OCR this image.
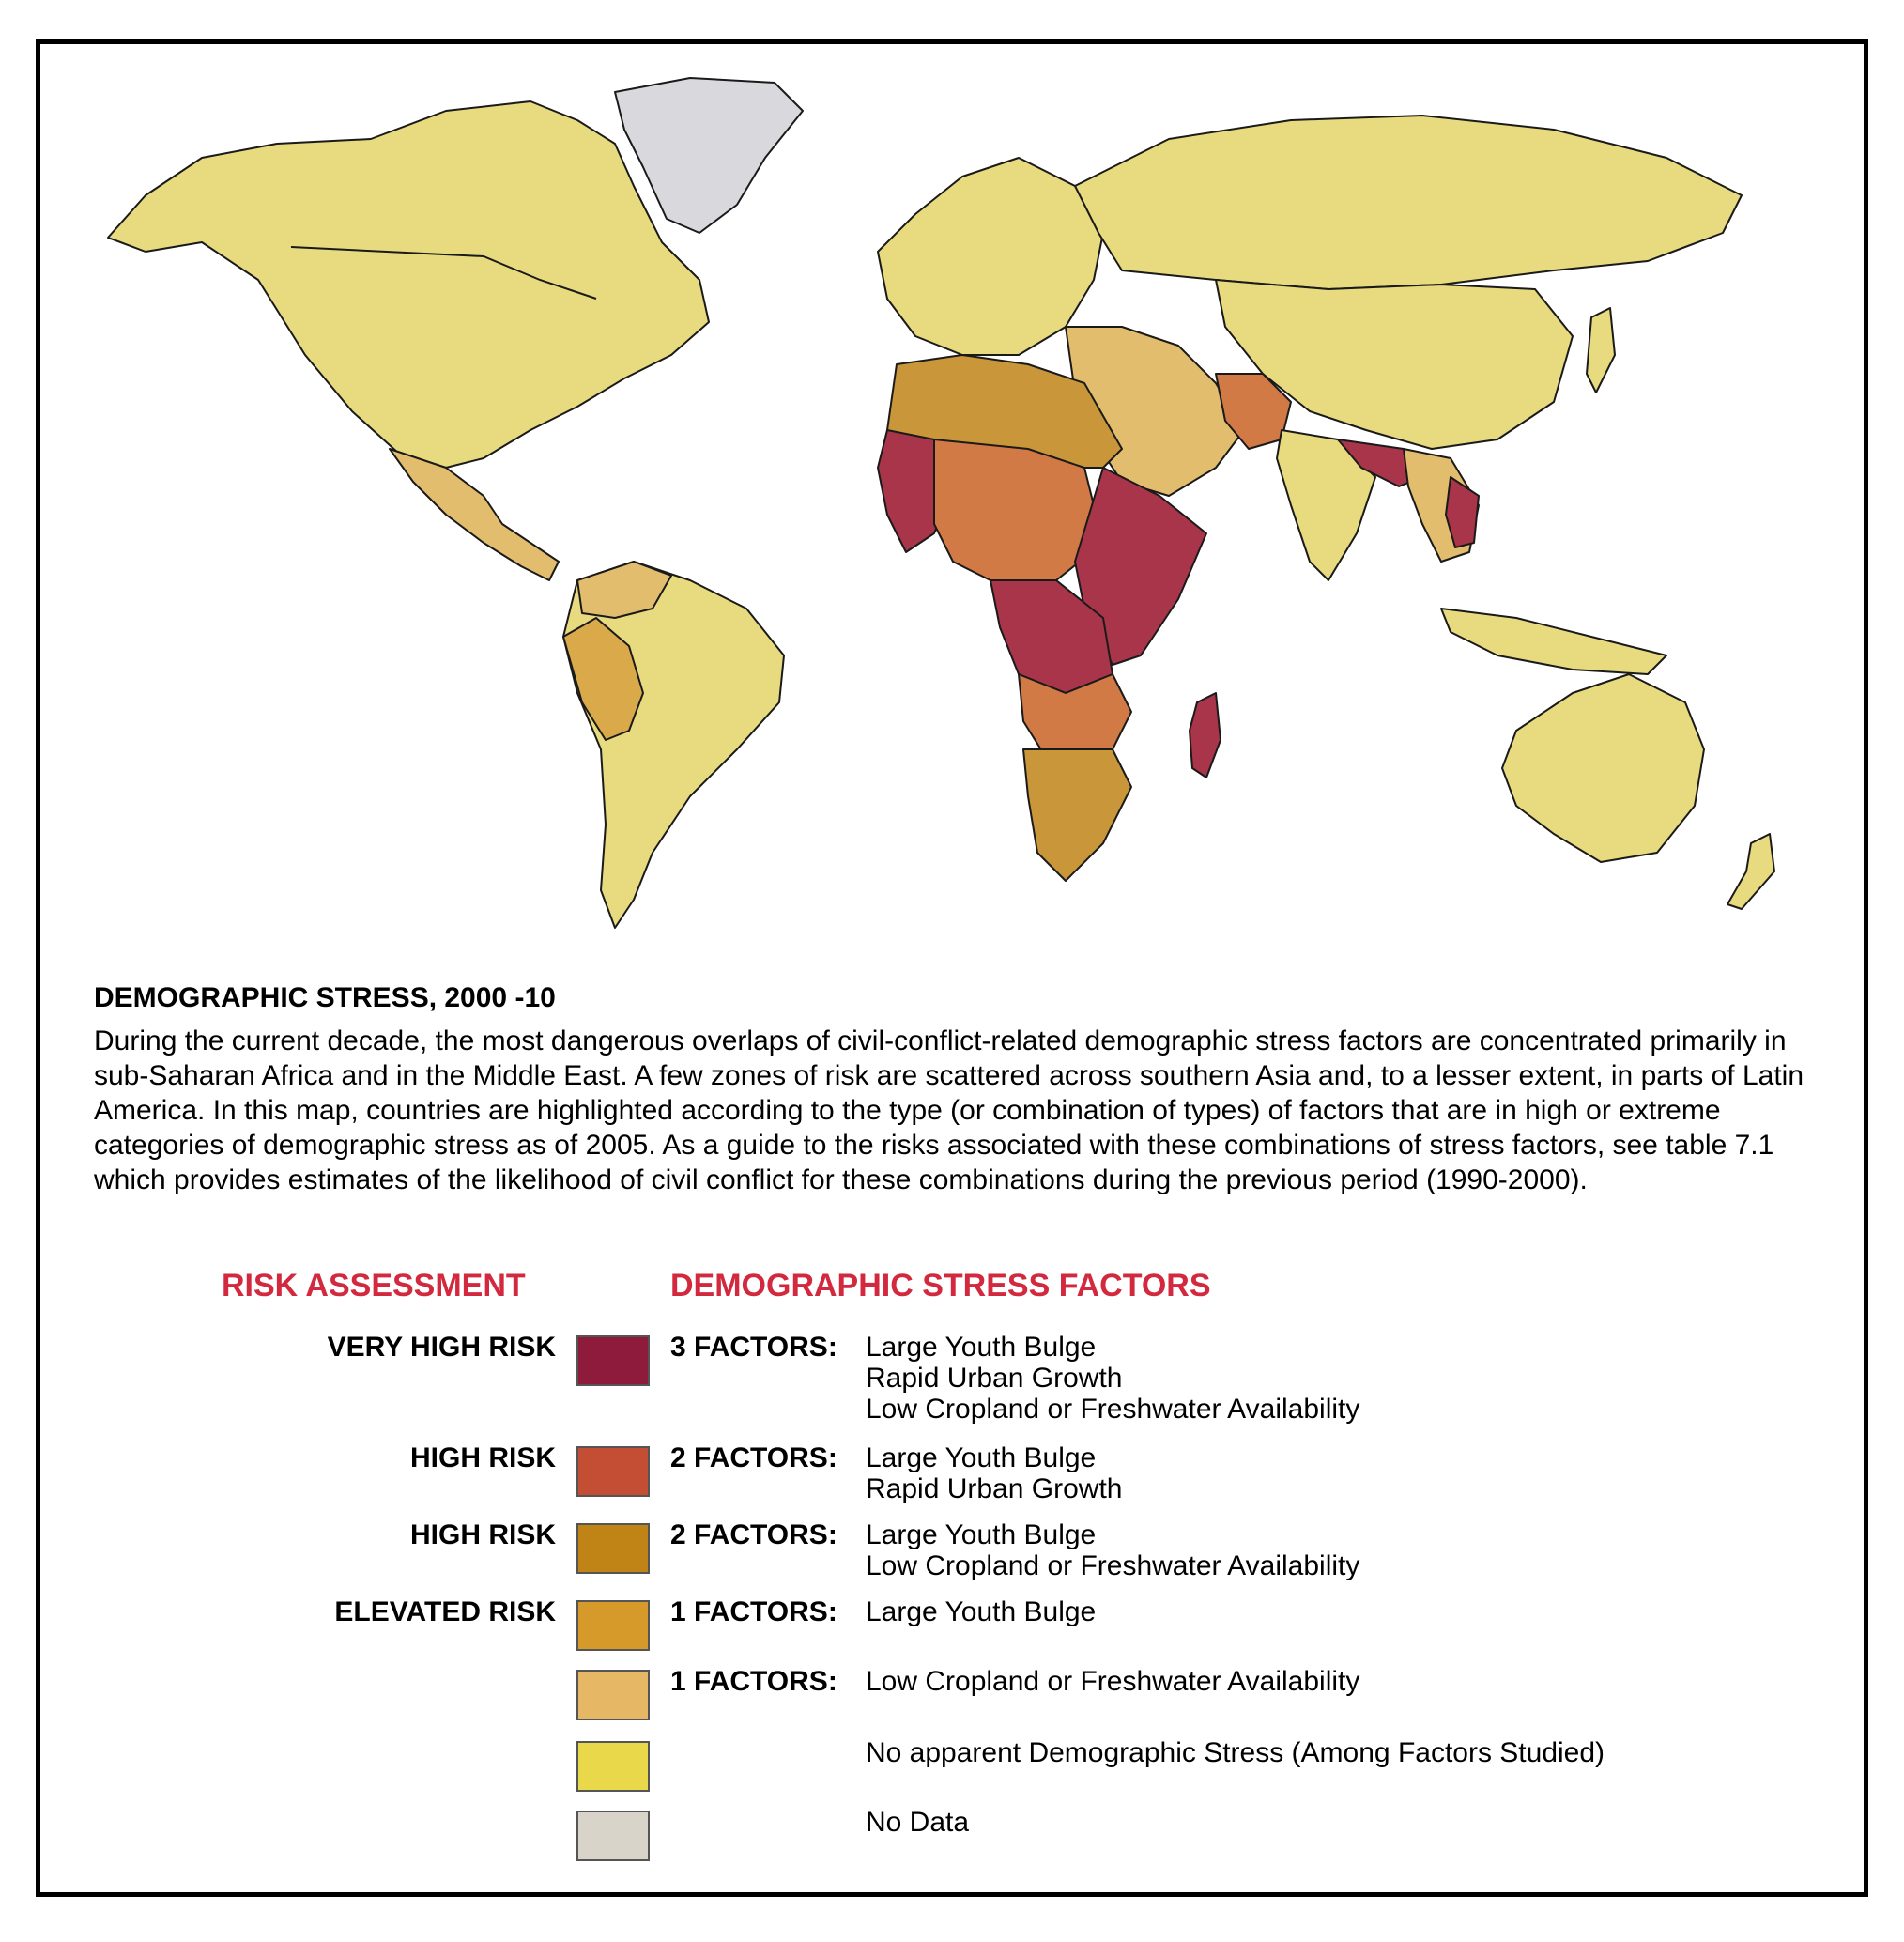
DEMOGRAPHIC STRESS, 2000 -10

During the current decade, the most dangerous overlaps of civil-conflict-related demographic stress factors are concentrated primarily in sub-Saharan Africa and in the Middle East. A few zones of risk are scattered across southern Asia and, to a lesser extent, in parts of Latin America. In this map, countries are highlighted according to the type (or combination of types) of factors that are in high or extreme categories of demographic stress as of 2005. As a guide to the risks associated with these combinations of stress factors, see table 7.1 which provides estimates of the likelihood of civil conflict for these combinations during the previous period (1990-2000).

RISK ASSESSMENT	DEMOGRAPHIC STRESS FACTORS
VERY HIGH RISK	3 FACTORS: Large Youth Bulge
Rapid Urban Growth
Low Cropland or Freshwater Availability
HIGH RISK	2 FACTORS: Large Youth Bulge
Rapid Urban Growth
HIGH RISK	2 FACTORS: Large Youth Bulge
Low Cropland or Freshwater Availability
ELEVATED RISK	1 FACTORS: Large Youth Bulge
1 FACTORS: Low Cropland or Freshwater Availability
No apparent Demographic Stress (Among Factors Studied)
No Data
